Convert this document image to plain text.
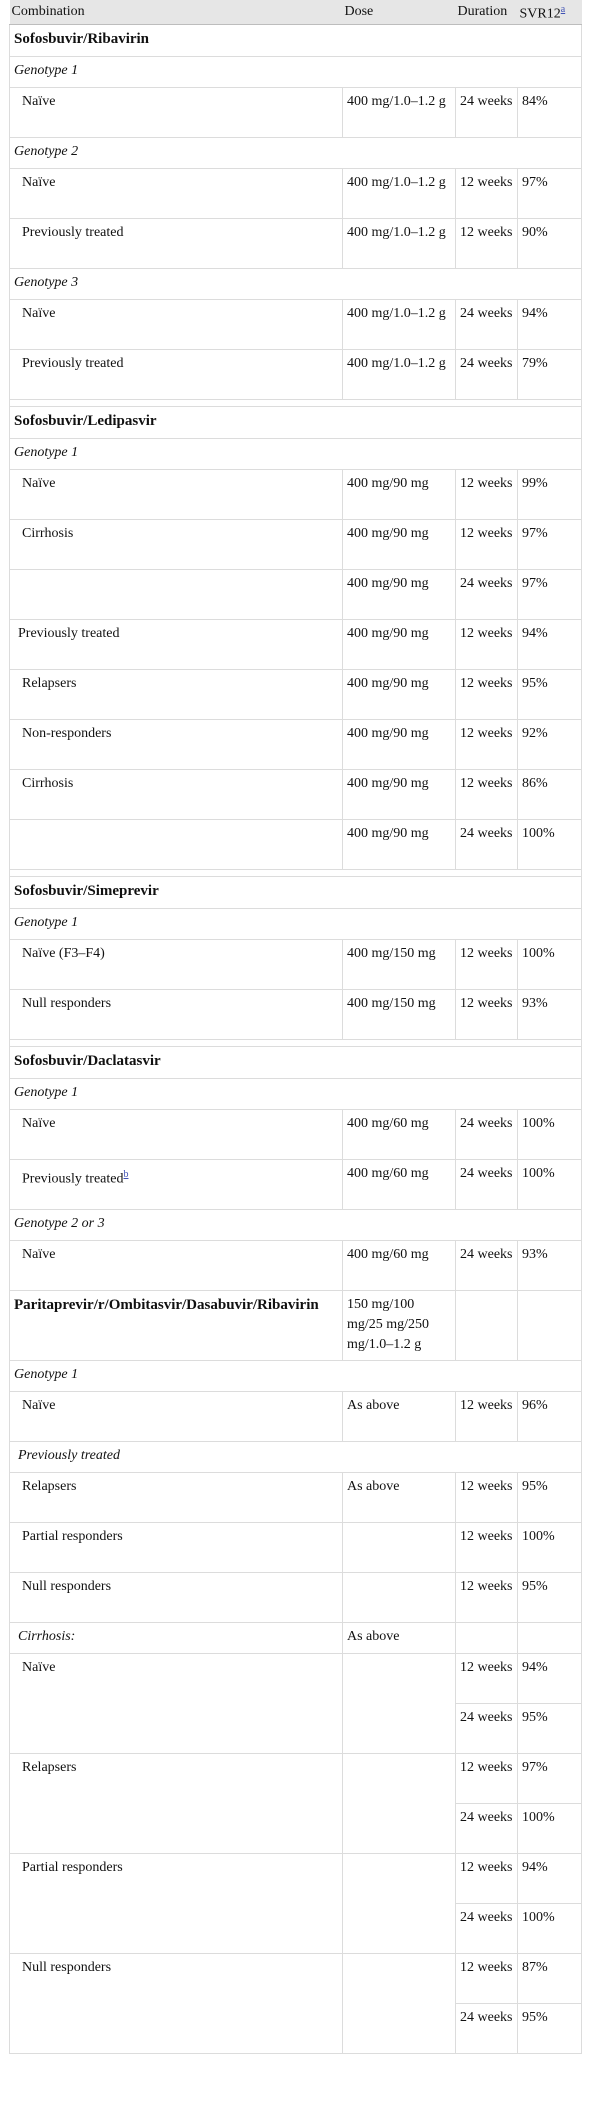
Combination	Dose	Duration	SVR12$^a$
Sofosbuvir/Ribavirin			
Genotype 1			
Naïve	400 mg/1.0–1.2 g	24 weeks	84%
Genotype 2			
Naïve	400 mg/1.0–1.2 g	12 weeks	97%
Previously treated	400 mg/1.0–1.2 g	12 weeks	90%
Genotype 3			
Naïve	400 mg/1.0–1.2 g	24 weeks	94%
Previously treated	400 mg/1.0–1.2 g	24 weeks	79%

Sofosbuvir/Ledipasvir			
Genotype 1			
Naïve	400 mg/90 mg	12 weeks	99%
Cirrhosis	400 mg/90 mg	12 weeks	97%
	400 mg/90 mg	24 weeks	97%
Previously treated	400 mg/90 mg	12 weeks	94%
Relapsers	400 mg/90 mg	12 weeks	95%
Non-responders	400 mg/90 mg	12 weeks	92%
Cirrhosis	400 mg/90 mg	12 weeks	86%
	400 mg/90 mg	24 weeks	100%

Sofosbuvir/Simeprevir			
Genotype 1			
Naïve (F3–F4)	400 mg/150 mg	12 weeks	100%
Null responders	400 mg/150 mg	12 weeks	93%

Sofosbuvir/Daclatasvir			
Genotype 1			
Naïve	400 mg/60 mg	24 weeks	100%
Previously treated$^b$	400 mg/60 mg	24 weeks	100%
Genotype 2 or 3			
Naïve	400 mg/60 mg	24 weeks	93%
Paritaprevir/r/Ombitasvir/Dasabuvir/Ribavirin	150 mg/100 mg/25 mg/250 mg/1.0–1.2 g		
Genotype 1			
Naïve	As above	12 weeks	96%
Previously treated			
Relapsers	As above	12 weeks	95%
Partial responders		12 weeks	100%
Null responders		12 weeks	95%
Cirrhosis:	As above		
Naïve		12 weeks	94%
		24 weeks	95%
Relapsers		12 weeks	97%
		24 weeks	100%
Partial responders		12 weeks	94%
		24 weeks	100%
Null responders		12 weeks	87%
		24 weeks	95%
